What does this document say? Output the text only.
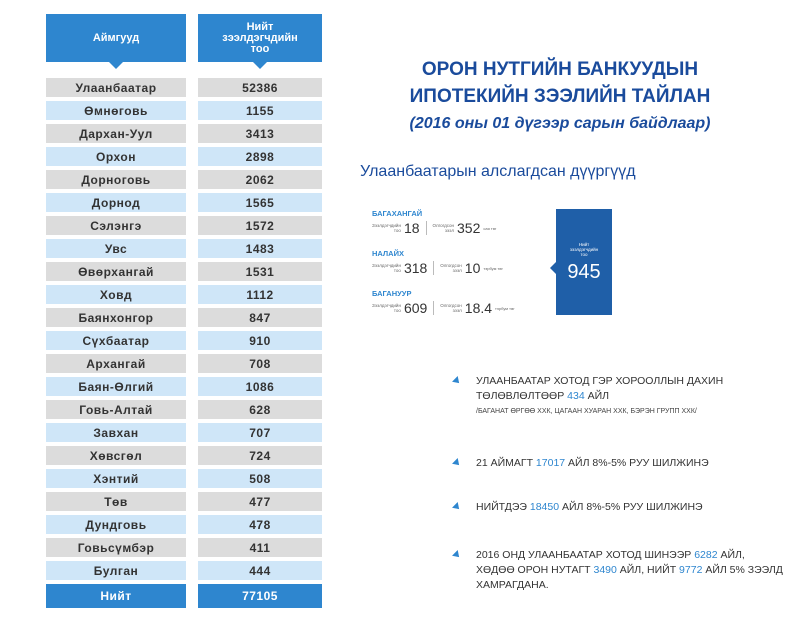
Аймгууд
Нийт
зээлдэгчдийн
тоо
Улаанбаатар	52386
Өмнөговь	1155
Дархан-Уул	3413
Орхон	2898
Дорноговь	2062
Дорнод	1565
Сэлэнгэ	1572
Увс	1483
Өвөрхангай	1531
Ховд	1112
Баянхонгор	847
Сүхбаатар	910
Архангай	708
Баян-Өлгий	1086
Говь-Алтай	628
Завхан	707
Хөвсгөл	724
Хэнтий	508
Төв	477
Дундговь	478
Говьсүмбэр	411
Булган	444
Нийт	77105
ОРОН НУТГИЙН БАНКУУДЫН
ИПОТЕКИЙН ЗЭЭЛИЙН ТАЙЛАН
(2016 оны 01 дүгээр сарын байдлаар)
Улаанбаатарын алслагдсан дүүргүүд
БАГАХАНГАЙ
Зээлдэгчдийн
тоо 18	Олгогдсон
зээл 352 сая төг
НАЛАЙХ
Зээлдэгчдийн
тоо 318	Олгогдсон
зээл 10 тэрбум төг
БАГАНУУР
Зээлдэгчдийн
тоо 609	Олгогдсон
зээл 18.4 тэрбум төг
Нийт
зээлдэгчдийн
тоо
945
УЛААНБААТАР ХОТОД ГЭР ХОРООЛЛЫН ДАХИН ТӨЛӨВЛӨЛТӨӨР 434 АЙЛ
/БАГАНАТ ӨРГӨӨ ХХК, ЦАГААН ХУАРАН ХХК, БЭРЭН ГРУПП ХХК/
21 АЙМАГТ 17017 АЙЛ 8%-5% РУУ ШИЛЖИНЭ
НИЙТДЭЭ 18450 АЙЛ 8%-5% РУУ ШИЛЖИНЭ
2016 ОНД УЛААНБААТАР ХОТОД ШИНЭЭР 6282 АЙЛ, ХӨДӨӨ ОРОН НУТАГТ 3490 АЙЛ, НИЙТ 9772 АЙЛ 5% ЗЭЭЛД ХАМРАГДАНА.
